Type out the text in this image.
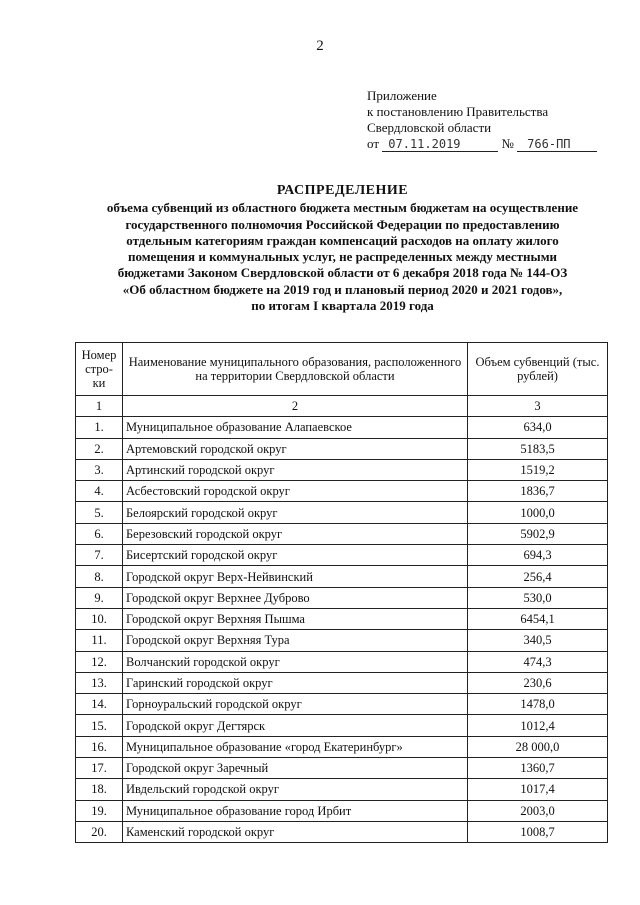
2
Приложение
к постановлению Правительства
Свердловской области
от 07.11.2019	№ 766-ПП
РАСПРЕДЕЛЕНИЕ
объема субвенций из областного бюджета местным бюджетам на осуществление
государственного полномочия Российской Федерации по предоставлению
отдельным категориям граждан компенсаций расходов на оплату жилого
помещения и коммунальных услуг, не распределенных между местными
бюджетами Законом Свердловской области от 6 декабря 2018 года № 144-ОЗ
«Об областном бюджете на 2019 год и плановый период 2020 и 2021 годов»,
по итогам I квартала 2019 года
Номер стро-ки	Наименование муниципального образования, расположенного на территории Свердловской области	Объем субвенций (тыс. рублей)
1	2	3
1.	Муниципальное образование Алапаевское	634,0
2.	Артемовский городской округ	5183,5
3.	Артинский городской округ	1519,2
4.	Асбестовский городской округ	1836,7
5.	Белоярский городской округ	1000,0
6.	Березовский городской округ	5902,9
7.	Бисертский городской округ	694,3
8.	Городской округ Верх-Нейвинский	256,4
9.	Городской округ Верхнее Дуброво	530,0
10.	Городской округ Верхняя Пышма	6454,1
11.	Городской округ Верхняя Тура	340,5
12.	Волчанский городской округ	474,3
13.	Гаринский городской округ	230,6
14.	Горноуральский городской округ	1478,0
15.	Городской округ Дегтярск	1012,4
16.	Муниципальное образование «город Екатеринбург»	28 000,0
17.	Городской округ Заречный	1360,7
18.	Ивдельский городской округ	1017,4
19.	Муниципальное образование город Ирбит	2003,0
20.	Каменский городской округ	1008,7
